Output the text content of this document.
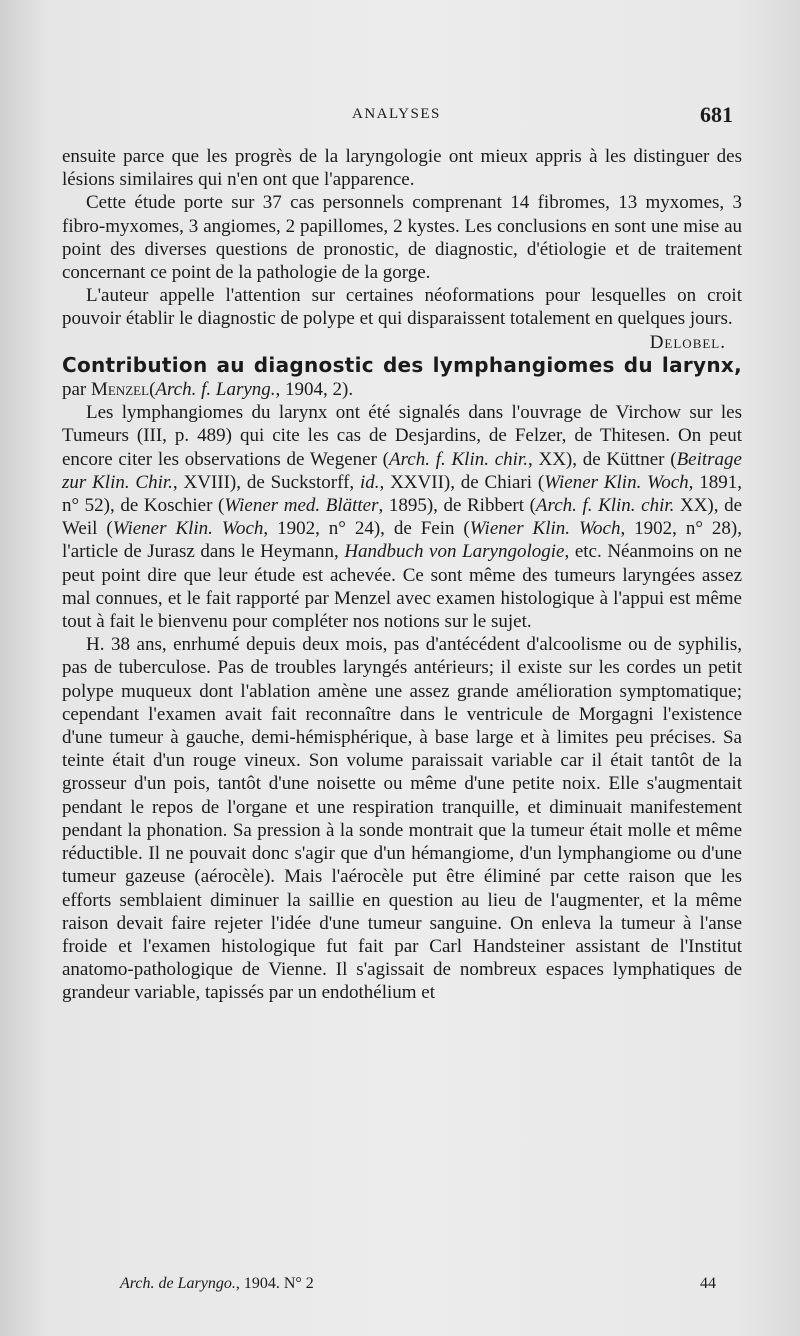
ANALYSES	681

ensuite parce que les progrès de la laryngologie ont mieux appris à les distinguer des lésions similaires qui n'en ont que l'apparence.

Cette étude porte sur 37 cas personnels comprenant 14 fibromes, 13 myxomes, 3 fibro-myxomes, 3 angiomes, 2 papillomes, 2 kystes. Les conclusions en sont une mise au point des diverses questions de pronostic, de diagnostic, d'étiologie et de traitement concernant ce point de la pathologie de la gorge.

L'auteur appelle l'attention sur certaines néoformations pour lesquelles on croit pouvoir établir le diagnostic de polype et qui disparaissent totalement en quelques jours.

Delobel.

Contribution au diagnostic des lymphangiomes du larynx, par Menzel(Arch. f. Laryng., 1904, 2).

Les lymphangiomes du larynx ont été signalés dans l'ouvrage de Virchow sur les Tumeurs (III, p. 489) qui cite les cas de Desjardins, de Felzer, de Thitesen. On peut encore citer les observations de Wegener (Arch. f. Klin. chir., XX), de Küttner (Beitrage zur Klin. Chir., XVIII), de Suckstorff, id., XXVII), de Chiari (Wiener Klin. Woch, 1891, n° 52), de Koschier (Wiener med. Blätter, 1895), de Ribbert (Arch. f. Klin. chir. XX), de Weil (Wiener Klin. Woch, 1902, n° 24), de Fein (Wiener Klin. Woch, 1902, n° 28), l'article de Jurasz dans le Heymann, Handbuch von Laryngologie, etc. Néanmoins on ne peut point dire que leur étude est achevée. Ce sont même des tumeurs laryngées assez mal connues, et le fait rapporté par Menzel avec examen histologique à l'appui est même tout à fait le bienvenu pour compléter nos notions sur le sujet.

H. 38 ans, enrhumé depuis deux mois, pas d'antécédent d'alcoolisme ou de syphilis, pas de tuberculose. Pas de troubles laryngés antérieurs; il existe sur les cordes un petit polype muqueux dont l'ablation amène une assez grande amélioration symptomatique; cependant l'examen avait fait reconnaître dans le ventricule de Morgagni l'existence d'une tumeur à gauche, demi-hémisphérique, à base large et à limites peu précises. Sa teinte était d'un rouge vineux. Son volume paraissait variable car il était tantôt de la grosseur d'un pois, tantôt d'une noisette ou même d'une petite noix. Elle s'augmentait pendant le repos de l'organe et une respiration tranquille, et diminuait manifestement pendant la phonation. Sa pression à la sonde montrait que la tumeur était molle et même réductible. Il ne pouvait donc s'agir que d'un hémangiome, d'un lymphangiome ou d'une tumeur gazeuse (aérocèle). Mais l'aérocèle put être éliminé par cette raison que les efforts semblaient diminuer la saillie en question au lieu de l'augmenter, et la même raison devait faire rejeter l'idée d'une tumeur sanguine. On enleva la tumeur à l'anse froide et l'examen histologique fut fait par Carl Handsteiner assistant de l'Institut anatomo-pathologique de Vienne. Il s'agissait de nombreux espaces lymphatiques de grandeur variable, tapissés par un endothélium et

Arch. de Laryngo., 1904. N° 2	44
